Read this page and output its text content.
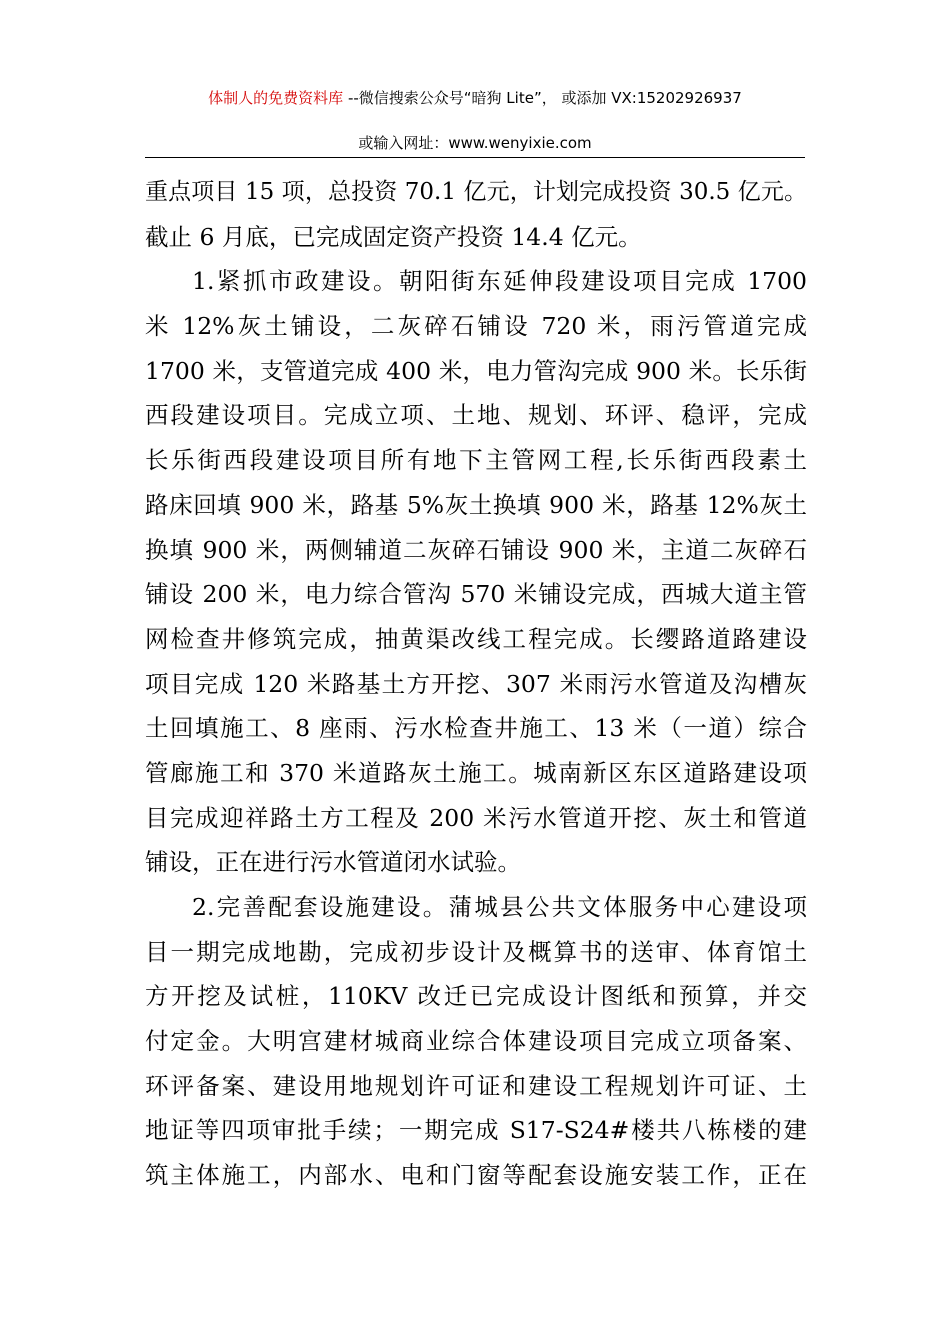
体制人的免费资料库 --微信搜索公众号“暗狗 Lite”， 或添加 VX:15202926937
或输入网址：www.wenyixie.com
重点项目 15 项，总投资 70.1 亿元，计划完成投资 30.5 亿元。
截止 6 月底，已完成固定资产投资 14.4 亿元。
1.紧抓市政建设。朝阳街东延伸段建设项目完成 1700
米 12%灰土铺设，二灰碎石铺设 720 米，雨污管道完成
1700 米，支管道完成 400 米，电力管沟完成 900 米。长乐街
西段建设项目。完成立项、土地、规划、环评、稳评，完成
长乐街西段建设项目所有地下主管网工程,长乐街西段素土
路床回填 900 米，路基 5%灰土换填 900 米，路基 12%灰土
换填 900 米，两侧辅道二灰碎石铺设 900 米，主道二灰碎石
铺设 200 米，电力综合管沟 570 米铺设完成，西城大道主管
网检查井修筑完成，抽黄渠改线工程完成。长缨路道路建设
项目完成 120 米路基土方开挖、307 米雨污水管道及沟槽灰
土回填施工、8 座雨、污水检查井施工、13 米（一道）综合
管廊施工和 370 米道路灰土施工。城南新区东区道路建设项
目完成迎祥路土方工程及 200 米污水管道开挖、灰土和管道
铺设，正在进行污水管道闭水试验。
2.完善配套设施建设。蒲城县公共文体服务中心建设项
目一期完成地勘，完成初步设计及概算书的送审、体育馆土
方开挖及试桩，110KV 改迁已完成设计图纸和预算，并交
付定金。大明宫建材城商业综合体建设项目完成立项备案、
环评备案、建设用地规划许可证和建设工程规划许可证、土
地证等四项审批手续；一期完成 S17-S24#楼共八栋楼的建
筑主体施工，内部水、电和门窗等配套设施安装工作，正在
